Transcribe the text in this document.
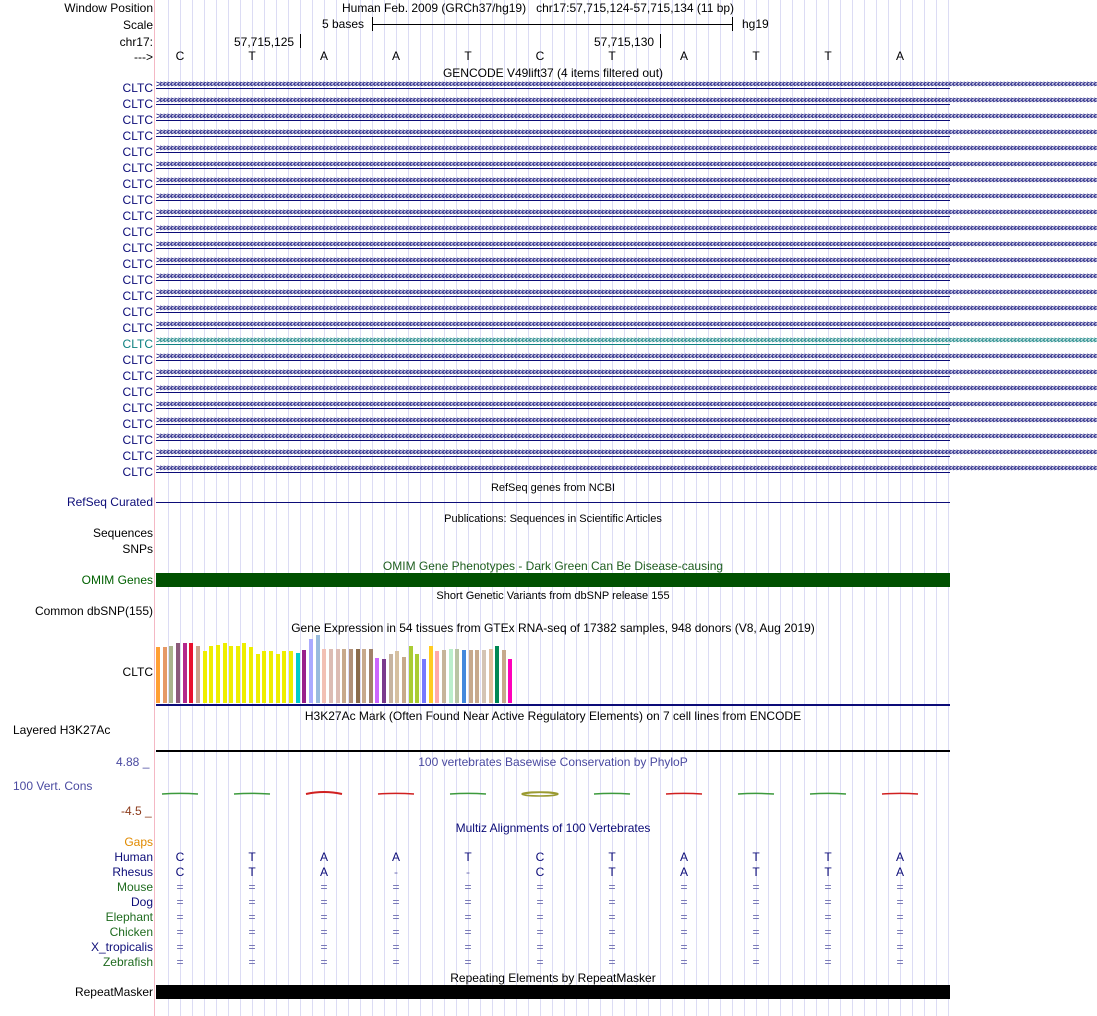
Window Position	Human Feb. 2009 (GRCh37/hg19) chr17:57,715,124-57,715,134 (11 bp)
Scale	5 bases	hg19
chr17:	57,715,125	57,715,130
--->	C	T	A	A	T	C	T	A	T	T	A
GENCODE V49lift37 (4 items filtered out)
CLTC >>>>>>>>>>>>>>>>>>>>>>>>>>>>>>>>>>>>>>>>>>>>>>>>>>>>>>>>>>>>>>>>>>>>>>>>>>>>>>>>>>>>>>>>>>>>>>>>>>>>>>>>>>>>>>>>>>>>>>>>>>>>>>>>>>>>>>>>>>>>>>>>>>>>>>>>>>>>>>>>>>>>>>>>>>>>>>>>>>>>>>>>>>>>>>>>>>>>>>>>>>>>>>>>>>>>>>>>>>>>>>>>>>>>>>>>>>>>>>>>>>>>>>>>>>>>>>>>>>>>
CLTC >>>>>>>>>>>>>>>>>>>>>>>>>>>>>>>>>>>>>>>>>>>>>>>>>>>>>>>>>>>>>>>>>>>>>>>>>>>>>>>>>>>>>>>>>>>>>>>>>>>>>>>>>>>>>>>>>>>>>>>>>>>>>>>>>>>>>>>>>>>>>>>>>>>>>>>>>>>>>>>>>>>>>>>>>>>>>>>>>>>>>>>>>>>>>>>>>>>>>>>>>>>>>>>>>>>>>>>>>>>>>>>>>>>>>>>>>>>>>>>>>>>>>>>>>>>>>>>>>>>>
CLTC >>>>>>>>>>>>>>>>>>>>>>>>>>>>>>>>>>>>>>>>>>>>>>>>>>>>>>>>>>>>>>>>>>>>>>>>>>>>>>>>>>>>>>>>>>>>>>>>>>>>>>>>>>>>>>>>>>>>>>>>>>>>>>>>>>>>>>>>>>>>>>>>>>>>>>>>>>>>>>>>>>>>>>>>>>>>>>>>>>>>>>>>>>>>>>>>>>>>>>>>>>>>>>>>>>>>>>>>>>>>>>>>>>>>>>>>>>>>>>>>>>>>>>>>>>>>>>>>>>>>
CLTC >>>>>>>>>>>>>>>>>>>>>>>>>>>>>>>>>>>>>>>>>>>>>>>>>>>>>>>>>>>>>>>>>>>>>>>>>>>>>>>>>>>>>>>>>>>>>>>>>>>>>>>>>>>>>>>>>>>>>>>>>>>>>>>>>>>>>>>>>>>>>>>>>>>>>>>>>>>>>>>>>>>>>>>>>>>>>>>>>>>>>>>>>>>>>>>>>>>>>>>>>>>>>>>>>>>>>>>>>>>>>>>>>>>>>>>>>>>>>>>>>>>>>>>>>>>>>>>>>>>>
CLTC >>>>>>>>>>>>>>>>>>>>>>>>>>>>>>>>>>>>>>>>>>>>>>>>>>>>>>>>>>>>>>>>>>>>>>>>>>>>>>>>>>>>>>>>>>>>>>>>>>>>>>>>>>>>>>>>>>>>>>>>>>>>>>>>>>>>>>>>>>>>>>>>>>>>>>>>>>>>>>>>>>>>>>>>>>>>>>>>>>>>>>>>>>>>>>>>>>>>>>>>>>>>>>>>>>>>>>>>>>>>>>>>>>>>>>>>>>>>>>>>>>>>>>>>>>>>>>>>>>>>
CLTC >>>>>>>>>>>>>>>>>>>>>>>>>>>>>>>>>>>>>>>>>>>>>>>>>>>>>>>>>>>>>>>>>>>>>>>>>>>>>>>>>>>>>>>>>>>>>>>>>>>>>>>>>>>>>>>>>>>>>>>>>>>>>>>>>>>>>>>>>>>>>>>>>>>>>>>>>>>>>>>>>>>>>>>>>>>>>>>>>>>>>>>>>>>>>>>>>>>>>>>>>>>>>>>>>>>>>>>>>>>>>>>>>>>>>>>>>>>>>>>>>>>>>>>>>>>>>>>>>>>>
CLTC >>>>>>>>>>>>>>>>>>>>>>>>>>>>>>>>>>>>>>>>>>>>>>>>>>>>>>>>>>>>>>>>>>>>>>>>>>>>>>>>>>>>>>>>>>>>>>>>>>>>>>>>>>>>>>>>>>>>>>>>>>>>>>>>>>>>>>>>>>>>>>>>>>>>>>>>>>>>>>>>>>>>>>>>>>>>>>>>>>>>>>>>>>>>>>>>>>>>>>>>>>>>>>>>>>>>>>>>>>>>>>>>>>>>>>>>>>>>>>>>>>>>>>>>>>>>>>>>>>>>
CLTC >>>>>>>>>>>>>>>>>>>>>>>>>>>>>>>>>>>>>>>>>>>>>>>>>>>>>>>>>>>>>>>>>>>>>>>>>>>>>>>>>>>>>>>>>>>>>>>>>>>>>>>>>>>>>>>>>>>>>>>>>>>>>>>>>>>>>>>>>>>>>>>>>>>>>>>>>>>>>>>>>>>>>>>>>>>>>>>>>>>>>>>>>>>>>>>>>>>>>>>>>>>>>>>>>>>>>>>>>>>>>>>>>>>>>>>>>>>>>>>>>>>>>>>>>>>>>>>>>>>>
CLTC >>>>>>>>>>>>>>>>>>>>>>>>>>>>>>>>>>>>>>>>>>>>>>>>>>>>>>>>>>>>>>>>>>>>>>>>>>>>>>>>>>>>>>>>>>>>>>>>>>>>>>>>>>>>>>>>>>>>>>>>>>>>>>>>>>>>>>>>>>>>>>>>>>>>>>>>>>>>>>>>>>>>>>>>>>>>>>>>>>>>>>>>>>>>>>>>>>>>>>>>>>>>>>>>>>>>>>>>>>>>>>>>>>>>>>>>>>>>>>>>>>>>>>>>>>>>>>>>>>>>
CLTC >>>>>>>>>>>>>>>>>>>>>>>>>>>>>>>>>>>>>>>>>>>>>>>>>>>>>>>>>>>>>>>>>>>>>>>>>>>>>>>>>>>>>>>>>>>>>>>>>>>>>>>>>>>>>>>>>>>>>>>>>>>>>>>>>>>>>>>>>>>>>>>>>>>>>>>>>>>>>>>>>>>>>>>>>>>>>>>>>>>>>>>>>>>>>>>>>>>>>>>>>>>>>>>>>>>>>>>>>>>>>>>>>>>>>>>>>>>>>>>>>>>>>>>>>>>>>>>>>>>>
CLTC >>>>>>>>>>>>>>>>>>>>>>>>>>>>>>>>>>>>>>>>>>>>>>>>>>>>>>>>>>>>>>>>>>>>>>>>>>>>>>>>>>>>>>>>>>>>>>>>>>>>>>>>>>>>>>>>>>>>>>>>>>>>>>>>>>>>>>>>>>>>>>>>>>>>>>>>>>>>>>>>>>>>>>>>>>>>>>>>>>>>>>>>>>>>>>>>>>>>>>>>>>>>>>>>>>>>>>>>>>>>>>>>>>>>>>>>>>>>>>>>>>>>>>>>>>>>>>>>>>>>
CLTC >>>>>>>>>>>>>>>>>>>>>>>>>>>>>>>>>>>>>>>>>>>>>>>>>>>>>>>>>>>>>>>>>>>>>>>>>>>>>>>>>>>>>>>>>>>>>>>>>>>>>>>>>>>>>>>>>>>>>>>>>>>>>>>>>>>>>>>>>>>>>>>>>>>>>>>>>>>>>>>>>>>>>>>>>>>>>>>>>>>>>>>>>>>>>>>>>>>>>>>>>>>>>>>>>>>>>>>>>>>>>>>>>>>>>>>>>>>>>>>>>>>>>>>>>>>>>>>>>>>>
CLTC >>>>>>>>>>>>>>>>>>>>>>>>>>>>>>>>>>>>>>>>>>>>>>>>>>>>>>>>>>>>>>>>>>>>>>>>>>>>>>>>>>>>>>>>>>>>>>>>>>>>>>>>>>>>>>>>>>>>>>>>>>>>>>>>>>>>>>>>>>>>>>>>>>>>>>>>>>>>>>>>>>>>>>>>>>>>>>>>>>>>>>>>>>>>>>>>>>>>>>>>>>>>>>>>>>>>>>>>>>>>>>>>>>>>>>>>>>>>>>>>>>>>>>>>>>>>>>>>>>>>
CLTC >>>>>>>>>>>>>>>>>>>>>>>>>>>>>>>>>>>>>>>>>>>>>>>>>>>>>>>>>>>>>>>>>>>>>>>>>>>>>>>>>>>>>>>>>>>>>>>>>>>>>>>>>>>>>>>>>>>>>>>>>>>>>>>>>>>>>>>>>>>>>>>>>>>>>>>>>>>>>>>>>>>>>>>>>>>>>>>>>>>>>>>>>>>>>>>>>>>>>>>>>>>>>>>>>>>>>>>>>>>>>>>>>>>>>>>>>>>>>>>>>>>>>>>>>>>>>>>>>>>>
CLTC >>>>>>>>>>>>>>>>>>>>>>>>>>>>>>>>>>>>>>>>>>>>>>>>>>>>>>>>>>>>>>>>>>>>>>>>>>>>>>>>>>>>>>>>>>>>>>>>>>>>>>>>>>>>>>>>>>>>>>>>>>>>>>>>>>>>>>>>>>>>>>>>>>>>>>>>>>>>>>>>>>>>>>>>>>>>>>>>>>>>>>>>>>>>>>>>>>>>>>>>>>>>>>>>>>>>>>>>>>>>>>>>>>>>>>>>>>>>>>>>>>>>>>>>>>>>>>>>>>>>
CLTC >>>>>>>>>>>>>>>>>>>>>>>>>>>>>>>>>>>>>>>>>>>>>>>>>>>>>>>>>>>>>>>>>>>>>>>>>>>>>>>>>>>>>>>>>>>>>>>>>>>>>>>>>>>>>>>>>>>>>>>>>>>>>>>>>>>>>>>>>>>>>>>>>>>>>>>>>>>>>>>>>>>>>>>>>>>>>>>>>>>>>>>>>>>>>>>>>>>>>>>>>>>>>>>>>>>>>>>>>>>>>>>>>>>>>>>>>>>>>>>>>>>>>>>>>>>>>>>>>>>>
CLTC >>>>>>>>>>>>>>>>>>>>>>>>>>>>>>>>>>>>>>>>>>>>>>>>>>>>>>>>>>>>>>>>>>>>>>>>>>>>>>>>>>>>>>>>>>>>>>>>>>>>>>>>>>>>>>>>>>>>>>>>>>>>>>>>>>>>>>>>>>>>>>>>>>>>>>>>>>>>>>>>>>>>>>>>>>>>>>>>>>>>>>>>>>>>>>>>>>>>>>>>>>>>>>>>>>>>>>>>>>>>>>>>>>>>>>>>>>>>>>>>>>>>>>>>>>>>>>>>>>>>
CLTC >>>>>>>>>>>>>>>>>>>>>>>>>>>>>>>>>>>>>>>>>>>>>>>>>>>>>>>>>>>>>>>>>>>>>>>>>>>>>>>>>>>>>>>>>>>>>>>>>>>>>>>>>>>>>>>>>>>>>>>>>>>>>>>>>>>>>>>>>>>>>>>>>>>>>>>>>>>>>>>>>>>>>>>>>>>>>>>>>>>>>>>>>>>>>>>>>>>>>>>>>>>>>>>>>>>>>>>>>>>>>>>>>>>>>>>>>>>>>>>>>>>>>>>>>>>>>>>>>>>>
CLTC >>>>>>>>>>>>>>>>>>>>>>>>>>>>>>>>>>>>>>>>>>>>>>>>>>>>>>>>>>>>>>>>>>>>>>>>>>>>>>>>>>>>>>>>>>>>>>>>>>>>>>>>>>>>>>>>>>>>>>>>>>>>>>>>>>>>>>>>>>>>>>>>>>>>>>>>>>>>>>>>>>>>>>>>>>>>>>>>>>>>>>>>>>>>>>>>>>>>>>>>>>>>>>>>>>>>>>>>>>>>>>>>>>>>>>>>>>>>>>>>>>>>>>>>>>>>>>>>>>>>
CLTC >>>>>>>>>>>>>>>>>>>>>>>>>>>>>>>>>>>>>>>>>>>>>>>>>>>>>>>>>>>>>>>>>>>>>>>>>>>>>>>>>>>>>>>>>>>>>>>>>>>>>>>>>>>>>>>>>>>>>>>>>>>>>>>>>>>>>>>>>>>>>>>>>>>>>>>>>>>>>>>>>>>>>>>>>>>>>>>>>>>>>>>>>>>>>>>>>>>>>>>>>>>>>>>>>>>>>>>>>>>>>>>>>>>>>>>>>>>>>>>>>>>>>>>>>>>>>>>>>>>>
CLTC >>>>>>>>>>>>>>>>>>>>>>>>>>>>>>>>>>>>>>>>>>>>>>>>>>>>>>>>>>>>>>>>>>>>>>>>>>>>>>>>>>>>>>>>>>>>>>>>>>>>>>>>>>>>>>>>>>>>>>>>>>>>>>>>>>>>>>>>>>>>>>>>>>>>>>>>>>>>>>>>>>>>>>>>>>>>>>>>>>>>>>>>>>>>>>>>>>>>>>>>>>>>>>>>>>>>>>>>>>>>>>>>>>>>>>>>>>>>>>>>>>>>>>>>>>>>>>>>>>>>
CLTC >>>>>>>>>>>>>>>>>>>>>>>>>>>>>>>>>>>>>>>>>>>>>>>>>>>>>>>>>>>>>>>>>>>>>>>>>>>>>>>>>>>>>>>>>>>>>>>>>>>>>>>>>>>>>>>>>>>>>>>>>>>>>>>>>>>>>>>>>>>>>>>>>>>>>>>>>>>>>>>>>>>>>>>>>>>>>>>>>>>>>>>>>>>>>>>>>>>>>>>>>>>>>>>>>>>>>>>>>>>>>>>>>>>>>>>>>>>>>>>>>>>>>>>>>>>>>>>>>>>>
CLTC >>>>>>>>>>>>>>>>>>>>>>>>>>>>>>>>>>>>>>>>>>>>>>>>>>>>>>>>>>>>>>>>>>>>>>>>>>>>>>>>>>>>>>>>>>>>>>>>>>>>>>>>>>>>>>>>>>>>>>>>>>>>>>>>>>>>>>>>>>>>>>>>>>>>>>>>>>>>>>>>>>>>>>>>>>>>>>>>>>>>>>>>>>>>>>>>>>>>>>>>>>>>>>>>>>>>>>>>>>>>>>>>>>>>>>>>>>>>>>>>>>>>>>>>>>>>>>>>>>>>
CLTC >>>>>>>>>>>>>>>>>>>>>>>>>>>>>>>>>>>>>>>>>>>>>>>>>>>>>>>>>>>>>>>>>>>>>>>>>>>>>>>>>>>>>>>>>>>>>>>>>>>>>>>>>>>>>>>>>>>>>>>>>>>>>>>>>>>>>>>>>>>>>>>>>>>>>>>>>>>>>>>>>>>>>>>>>>>>>>>>>>>>>>>>>>>>>>>>>>>>>>>>>>>>>>>>>>>>>>>>>>>>>>>>>>>>>>>>>>>>>>>>>>>>>>>>>>>>>>>>>>>>
CLTC >>>>>>>>>>>>>>>>>>>>>>>>>>>>>>>>>>>>>>>>>>>>>>>>>>>>>>>>>>>>>>>>>>>>>>>>>>>>>>>>>>>>>>>>>>>>>>>>>>>>>>>>>>>>>>>>>>>>>>>>>>>>>>>>>>>>>>>>>>>>>>>>>>>>>>>>>>>>>>>>>>>>>>>>>>>>>>>>>>>>>>>>>>>>>>>>>>>>>>>>>>>>>>>>>>>>>>>>>>>>>>>>>>>>>>>>>>>>>>>>>>>>>>>>>>>>>>>>>>>>
RefSeq Curated
RefSeq genes from NCBI
Publications: Sequences in Scientific Articles
Sequences
SNPs
OMIM Gene Phenotypes - Dark Green Can Be Disease-causing
OMIM Genes
Short Genetic Variants from dbSNP release 155
Common dbSNP(155)
Gene Expression in 54 tissues from GTEx RNA-seq of 17382 samples, 948 donors (V8, Aug 2019)
CLTC
H3K27Ac Mark (Often Found Near Active Regulatory Elements) on 7 cell lines from ENCODE
Layered H3K27Ac
4.88 _	100 vertebrates Basewise Conservation by PhyloP
100 Vert. Cons
-4.5 _
Multiz Alignments of 100 Vertebrates
Gaps
Human	C	T	A	A	T	C	T	A	T	T	A
Rhesus	C	T	A	-	-	C	T	A	T	T	A
Mouse	=	=	=	=	=	=	=	=	=	=	=
Dog	=	=	=	=	=	=	=	=	=	=	=
Elephant	=	=	=	=	=	=	=	=	=	=	=
Chicken	=	=	=	=	=	=	=	=	=	=	=
X_tropicalis	=	=	=	=	=	=	=	=	=	=	=
Zebrafish	=	=	=	=	=	=	=	=	=	=	=
Repeating Elements by RepeatMasker
RepeatMasker
